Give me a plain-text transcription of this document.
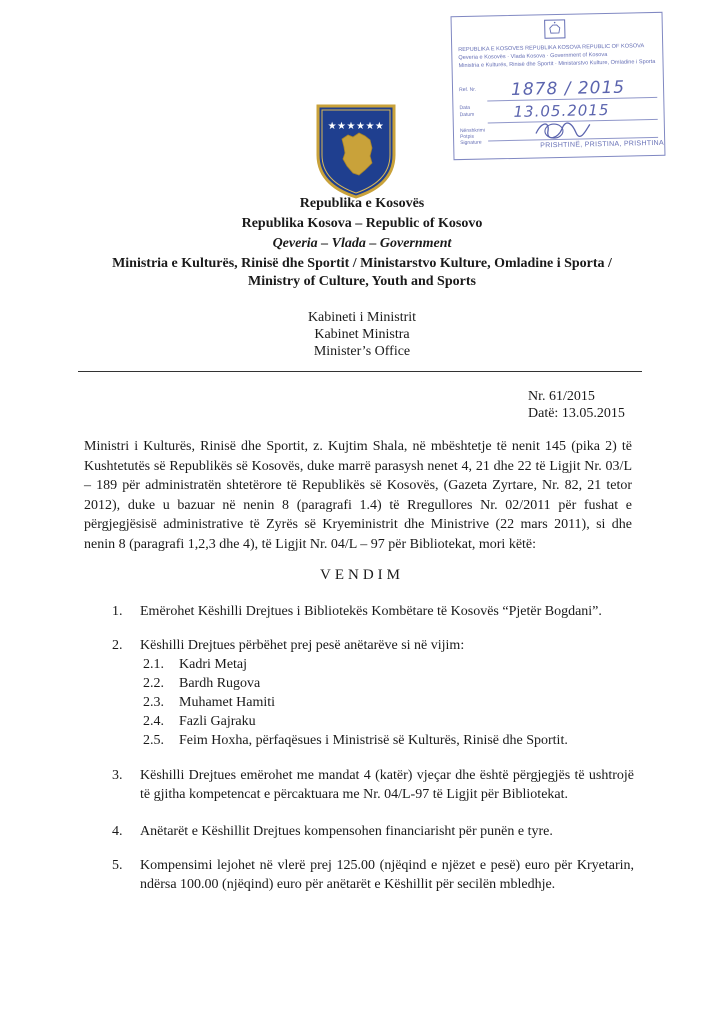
REPUBLIKA E KOSOVËS REPUBLIKA KOSOVA REPUBLIC OF KOSOVA
Qeveria e Kosovës · Vlada Kosova · Government of Kosova
Ministria e Kulturës, Rinisë dhe Sportit · Ministarstvo Kulture, Omladine i Sporta
Ref. Nr.
Data
Datum
Nënshkrimi Potpis Signature
1878 / 2015
13.05.2015
PRISHTINË, PRISTINA, PRISHTINA
★★★★★★
Republika e Kosovës
Republika Kosova – Republic of Kosovo
Qeveria – Vlada – Government
Ministria e Kulturës, Rinisë dhe Sportit / Ministarstvo Kulture, Omladine i Sporta /
Ministry of Culture, Youth and Sports
Kabineti i Ministrit
Kabinet Ministra
Minister’s Office
Nr. 61/2015
Datë: 13.05.2015
Ministri i Kulturës, Rinisë dhe Sportit, z. Kujtim Shala, në mbështetje të nenit 145 (pika 2) të Kushtetutës së Republikës së Kosovës, duke marrë parasysh nenet 4, 21 dhe 22 të Ligjit Nr. 03/L – 189 për administratën shtetërore të Republikës së Kosovës, (Gazeta Zyrtare, Nr. 82, 21 tetor 2012), duke u bazuar në nenin 8 (paragrafi 1.4) të Rregullores Nr. 02/2011 për fushat e përgjegjësisë administrative të Zyrës së Kryeministrit dhe Ministrive (22 mars 2011), si dhe nenin 8 (paragrafi 1,2,3 dhe 4), të Ligjit Nr. 04/L – 97 për Bibliotekat, mori këtë:
VENDIM
1. Emërohet Këshilli Drejtues i Bibliotekës Kombëtare të Kosovës “Pjetër Bogdani”.
2. Këshilli Drejtues përbëhet prej pesë anëtarëve si në vijim:
2.1. Kadri Metaj
2.2. Bardh Rugova
2.3. Muhamet Hamiti
2.4. Fazli Gajraku
2.5. Feim Hoxha, përfaqësues i Ministrisë së Kulturës, Rinisë dhe Sportit.
3. Këshilli Drejtues emërohet me mandat 4 (katër) vjeçar dhe është përgjegjës të ushtrojë të gjitha kompetencat e përcaktuara me Nr. 04/L-97 të Ligjit për Bibliotekat.
4. Anëtarët e Këshillit Drejtues kompensohen financiarisht për punën e tyre.
5. Kompensimi lejohet në vlerë prej 125.00 (njëqind e njëzet e pesë) euro për Kryetarin, ndërsa 100.00 (njëqind) euro për anëtarët e Këshillit për secilën mbledhje.
